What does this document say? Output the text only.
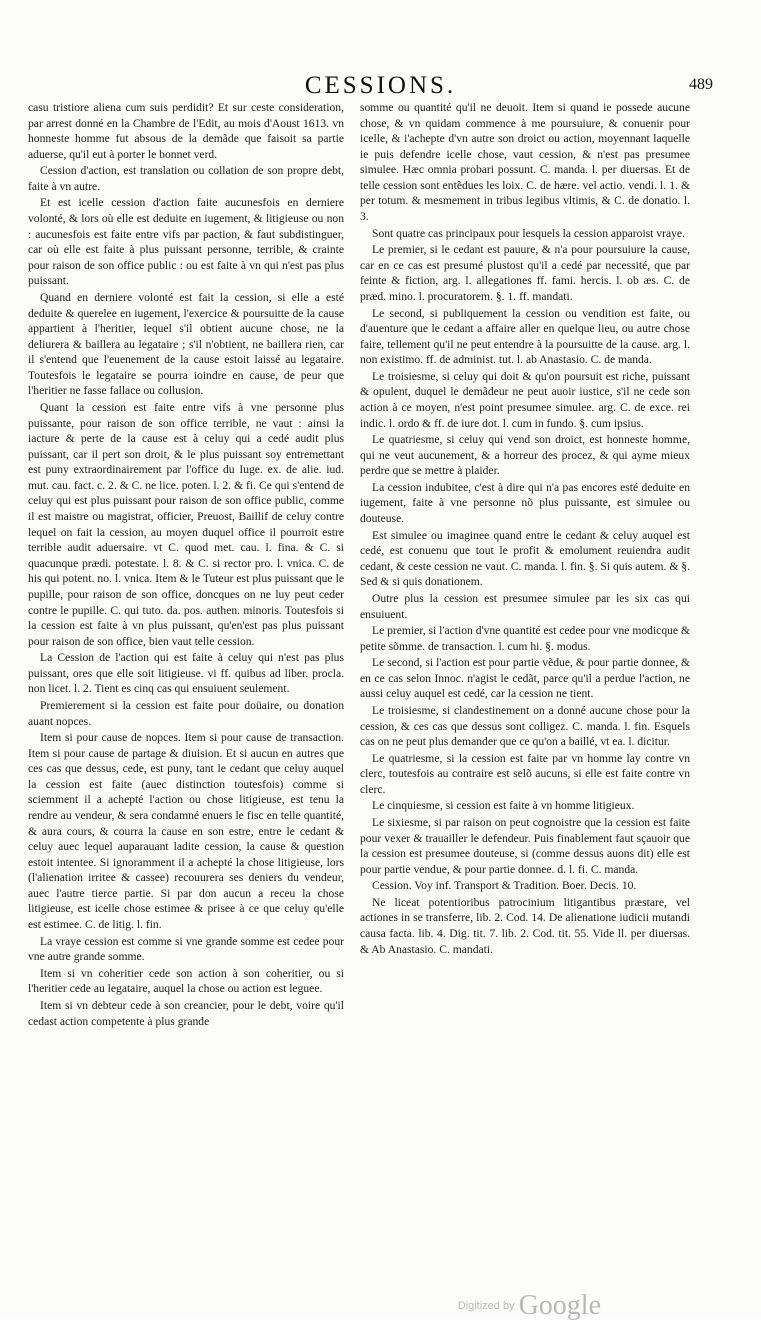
CESSIONS.	489

casu tristiore aliena cum suis perdidit? Et sur ceste consideration, par arrest donné en la Chambre de l'Edit, au mois d'Aoust 1613. vn honneste homme fut absous de la demãde que faisoit sa partie aduerse, qu'il eut à porter le bonnet verd.

Cession d'action, est translation ou collation de son propre debt, faite à vn autre.

Et est icelle cession d'action faite aucunesfois en derniere volonté, & lors où elle est deduite en iugement, & litigieuse ou non : aucunesfois est faite entre vifs par paction, & faut subdistinguer, car où elle est faite à plus puissant personne, terrible, & crainte pour raison de son office public : ou est faite à vn qui n'est pas plus puissant.

Quand en derniere volonté est fait la cession, si elle a esté deduite & querelee en iugement, l'exercice & poursuitte de la cause appartient à l'heritier, lequel s'il obtient aucune chose, ne la deliurera & baillera au legataire ; s'il n'obtient, ne baillera rien, car il s'entend que l'euenement de la cause estoit laissé au legataire. Toutesfois le legataire se pourra ioindre en cause, de peur que l'heritier ne fasse fallace ou collusion.

Quant la cession est faite entre vifs à vne personne plus puissante, pour raison de son office terrible, ne vaut : ainsi la iacture & perte de la cause est à celuy qui a cedé audit plus puissant, car il pert son droit, & le plus puissant soy entremettant est puny extraordinairement par l'office du Iuge. ex. de alie. iud. mut. cau. fact. c. 2. & C. ne lice. poten. l. 2. & fi. Ce qui s'entend de celuy qui est plus puissant pour raison de son office public, comme il est maistre ou magistrat, officier, Preuost, Baillif de celuy contre lequel on fait la cession, au moyen duquel office il pourroit estre terrible audit aduersaire. vt C. quod met. cau. l. fina. & C. si quacunque prædi. potestate. l. 8. & C. si rector pro. l. vnica. C. de his qui potent. no. l. vnica. Item & le Tuteur est plus puissant que le pupille, pour raison de son office, doncques on ne luy peut ceder contre le pupille. C. qui tuto. da. pos. authen. minoris. Toutesfois si la cession est faite à vn plus puissant, qu'en'est pas plus puissant pour raison de son office, bien vaut telle cession.

La Cession de l'action qui est faite à celuy qui n'est pas plus puissant, ores que elle soit litigieuse. vi ff. quibus ad liber. procla. non licet. l. 2. Tient es cinq cas qui ensuiuent seulement.

Premierement si la cession est faite pour doüaire, ou donation auant nopces.

Item si pour cause de nopces. Item si pour cause de transaction. Item si pour cause de partage & diuision. Et si aucun en autres que ces cas que dessus, cede, est puny, tant le cedant que celuy auquel la cession est faite (auec distinction toutesfois) comme si sciemment il a achepté l'action ou chose litigieuse, est tenu la rendre au vendeur, & sera condamné enuers le fisc en telle quantité, & aura cours, & courra la cause en son estre, entre le cedant & celuy auec lequel auparauant ladite cession, la cause & question estoit intentee. Si ignoramment il a achepté la chose litigieuse, lors (l'alienation irritee & cassee) recouurera ses deniers du vendeur, auec l'autre tierce partie. Si par don aucun a receu la chose litigieuse, est icelle chose estimee & prisee à ce que celuy qu'elle est estimee. C. de litig. l. fin.

La vraye cession est comme si vne grande somme est cedee pour vne autre grande somme.

Item si vn coheritier cede son action à son coheritier, ou si l'heritier cede au legataire, auquel la chose ou action est leguee.

Item si vn debteur cede à son creancier, pour le debt, voire qu'il cedast action competente à plus grande

somme ou quantité qu'il ne deuoit. Item si quand ie possede aucune chose, & vn quidam commence à me poursuiure, & conuenir pour icelle, & i'achepte d'vn autre son droict ou action, moyennant laquelle ie puis defendre icelle chose, vaut cession, & n'est pas presumee simulee. Hæc omnia probari possunt. C. manda. l. per diuersas. Et de telle cession sont entẽdues les loix. C. de hære. vel actio. vendi. l. 1. & per totum. & mesmement in tribus legibus vltimis, & C. de donatio. l. 3.

Sont quatre cas principaux pour lesquels la cession apparoist vraye.

Le premier, si le cedant est pauure, & n'a pour poursuiure la cause, car en ce cas est presumé plustost qu'il a cedé par necessité, que par feinte & fiction, arg. l. allegationes ff. fami. hercis. l. ob æs. C. de præd. mino. l. procuratorem. §. 1. ff. mandati.

Le second, si publiquement la cession ou vendition est faite, ou d'auenture que le cedant a affaire aller en quelque lieu, ou autre chose faire, tellement qu'il ne peut entendre à la poursuitte de la cause. arg. l. non existimo. ff. de administ. tut. l. ab Anastasio. C. de manda.

Le troisiesme, si celuy qui doit & qu'on poursuit est riche, puissant & opulent, duquel le demãdeur ne peut auoir iustice, s'il ne cede son action à ce moyen, n'est point presumee simulee. arg. C. de exce. rei indic. l. ordo & ff. de iure dot. l. cum in fundo. §. cum ipsius.

Le quatriesme, si celuy qui vend son droict, est honneste homme, qui ne veut aucunement, & a horreur des procez, & qui ayme mieux perdre que se mettre à plaider.

La cession indubitee, c'est à dire qui n'a pas encores esté deduite en iugement, faite à vne personne nõ plus puissante, est simulee ou douteuse.

Est simulee ou imaginee quand entre le cedant & celuy auquel est cedé, est conuenu que tout le profit & emolument reuiendra audit cedant, & ceste cession ne vaut. C. manda. l. fin. §. Si quis autem. & §. Sed & si quis donationem.

Outre plus la cession est presumee simulee par les six cas qui ensuiuent.

Le premier, si l'action d'vne quantité est cedee pour vne modicque & petite sõmme. de transaction. l. cum hi. §. modus.

Le second, si l'action est pour partie vẽdue, & pour partie donnee, & en ce cas selon Innoc. n'agist le cedãt, parce qu'il a perdue l'action, ne aussi celuy auquel est cedé, car la cession ne tient.

Le troisiesme, si clandestinement on a donné aucune chose pour la cession, & ces cas que dessus sont colligez. C. manda. l. fin. Esquels cas on ne peut plus demander que ce qu'on a baillé, vt ea. l. dicitur.

Le quatriesme, si la cession est faite par vn homme lay contre vn clerc, toutesfois au contraire est selõ aucuns, si elle est faite contre vn clerc.

Le cinquiesme, si cession est faite à vn homme litigieux.

Le sixiesme, si par raison on peut cognoistre que la cession est faite pour vexer & trauailler le defendeur. Puis finablement faut sçauoir que la cession est presumee douteuse, si (comme dessus auons dit) elle est pour partie vendue, & pour partie donnee. d. l. fi. C. manda.

Cession. Voy inf. Transport & Tradition. Boer. Decis. 10.

Ne liceat potentioribus patrocinium litigantibus præstare, vel actiones in se transferre, lib. 2. Cod. 14. De alienatione iudicii mutandi causa facta. lib. 4. Dig. tit. 7. lib. 2. Cod. tit. 55. Vide ll. per diuersas. & Ab Anastasio. C. mandati.

Digitized by Google
